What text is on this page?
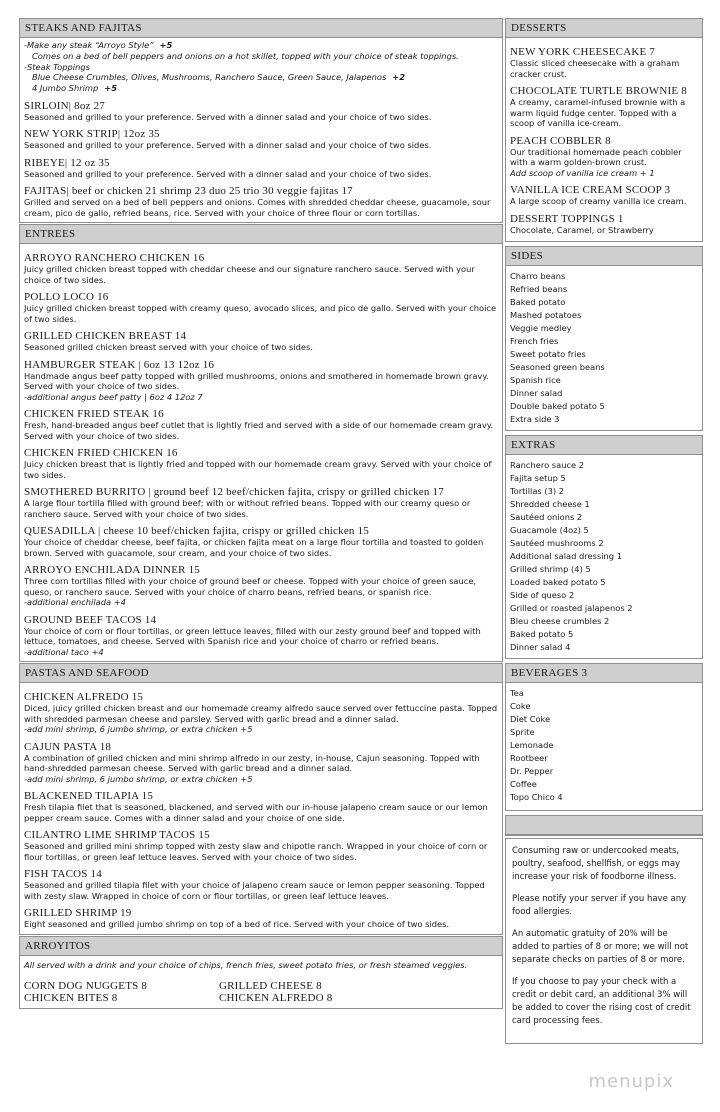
STEAKS AND FAJITAS
-Make any steak “Arroyo Style” +5
Comes on a bed of bell peppers and onions on a hot skillet, topped with your choice of steak toppings.
-Steak Toppings
Blue Cheese Crumbles, Olives, Mushrooms, Ranchero Sauce, Green Sauce, Jalapenos +2
4 Jumbo Shrimp +5
SIRLOIN| 8oz 27
Seasoned and grilled to your preference. Served with a dinner salad and your choice of two sides.
NEW YORK STRIP| 12oz 35
Seasoned and grilled to your preference. Served with a dinner salad and your choice of two sides.
RIBEYE| 12 oz 35
Seasoned and grilled to your preference. Served with a dinner salad and your choice of two sides.
FAJITAS| beef or chicken 21 shrimp 23 duo 25 trio 30 veggie fajitas 17
Grilled and served on a bed of bell peppers and onions. Comes with shredded cheddar cheese, guacamole, sour cream, pico de gallo, refried beans, rice. Served with your choice of three flour or corn tortillas.
ENTREES
ARROYO RANCHERO CHICKEN 16
Juicy grilled chicken breast topped with cheddar cheese and our signature ranchero sauce. Served with your choice of two sides.
POLLO LOCO 16
Juicy grilled chicken breast topped with creamy queso, avocado slices, and pico de gallo. Served with your choice of two sides.
GRILLED CHICKEN BREAST 14
Seasoned grilled chicken breast served with your choice of two sides.
HAMBURGER STEAK | 6oz 13 12oz 16
Handmade angus beef patty topped with grilled mushrooms, onions and smothered in homemade brown gravy. Served with your choice of two sides.
-additional angus beef patty | 6oz 4 12oz 7
CHICKEN FRIED STEAK 16
Fresh, hand-breaded angus beef cutlet that is lightly fried and served with a side of our homemade cream gravy. Served with your choice of two sides.
CHICKEN FRIED CHICKEN 16
Juicy chicken breast that is lightly fried and topped with our homemade cream gravy. Served with your choice of two sides.
SMOTHERED BURRITO | ground beef 12 beef/chicken fajita, crispy or grilled chicken 17
A large flour tortilla filled with ground beef; with or without refried beans. Topped with our creamy queso or ranchero sauce. Served with your choice of two sides.
QUESADILLA | cheese 10 beef/chicken fajita, crispy or grilled chicken 15
Your choice of cheddar cheese, beef fajita, or chicken fajita meat on a large flour tortilla and toasted to golden brown. Served with guacamole, sour cream, and your choice of two sides.
ARROYO ENCHILADA DINNER 15
Three corn tortillas filled with your choice of ground beef or cheese. Topped with your choice of green sauce, queso, or ranchero sauce. Served with your choice of charro beans, refried beans, or spanish rice.
-additional enchilada +4
GROUND BEEF TACOS 14
Your choice of corn or flour tortillas, or green lettuce leaves, filled with our zesty ground beef and topped with lettuce, tomatoes, and cheese. Served with Spanish rice and your choice of charro or refried beans.
-additional taco +4
PASTAS AND SEAFOOD
CHICKEN ALFREDO 15
Diced, juicy grilled chicken breast and our homemade creamy alfredo sauce served over fettuccine pasta. Topped with shredded parmesan cheese and parsley. Served with garlic bread and a dinner salad.
-add mini shrimp, 6 jumbo shrimp, or extra chicken +5
CAJUN PASTA 18
A combination of grilled chicken and mini shrimp alfredo in our zesty, in-house, Cajun seasoning. Topped with hand-shredded parmesan cheese. Served with garlic bread and a dinner salad.
-add mini shrimp, 6 jumbo shrimp, or extra chicken +5
BLACKENED TILAPIA 15
Fresh tilapia filet that is seasoned, blackened, and served with our in-house jalapeno cream sauce or our lemon pepper cream sauce. Comes with a dinner salad and your choice of one side.
CILANTRO LIME SHRIMP TACOS 15
Seasoned and grilled mini shrimp topped with zesty slaw and chipotle ranch. Wrapped in your choice of corn or flour tortillas, or green leaf lettuce leaves. Served with your choice of two sides.
FISH TACOS 14
Seasoned and grilled tilapia filet with your choice of jalapeno cream sauce or lemon pepper seasoning. Topped with zesty slaw. Wrapped in choice of corn or flour tortillas, or green leaf lettuce leaves.
GRILLED SHRIMP 19
Eight seasoned and grilled jumbo shrimp on top of a bed of rice. Served with your choice of two sides.
ARROYITOS
All served with a drink and your choice of chips, french fries, sweet potato fries, or fresh steamed veggies.
CORN DOG NUGGETS 8
CHICKEN BITES 8
GRILLED CHEESE 8
CHICKEN ALFREDO 8
DESSERTS
NEW YORK CHEESECAKE 7
Classic sliced cheesecake with a graham cracker crust.
CHOCOLATE TURTLE BROWNIE 8
A creamy, caramel-infused brownie with a warm liquid fudge center. Topped with a scoop of vanilla ice-cream.
PEACH COBBLER 8
Our traditional homemade peach cobbler with a warm golden-brown crust.
Add scoop of vanilla ice cream + 1
VANILLA ICE CREAM SCOOP 3
A large scoop of creamy vanilla ice cream.
DESSERT TOPPINGS 1
Chocolate, Caramel, or Strawberry
SIDES
Charro beans
Refried beans
Baked potato
Mashed potatoes
Veggie medley
French fries
Sweet potato fries
Seasoned green beans
Spanish rice
Dinner salad
Double baked potato 5
Extra side 3
EXTRAS
Ranchero sauce 2
Fajita setup 5
Tortillas (3) 2
Shredded cheese 1
Sautéed onions 2
Guacamole (4oz) 5
Sautéed mushrooms 2
Additional salad dressing 1
Grilled shrimp (4) 5
Loaded baked potato 5
Side of queso 2
Grilled or roasted jalapenos 2
Bleu cheese crumbles 2
Baked potato 5
Dinner salad 4
BEVERAGES 3
Tea
Coke
Diet Coke
Sprite
Lemonade
Rootbeer
Dr. Pepper
Coffee
Topo Chico 4

Consuming raw or undercooked meats, poultry, seafood, shellfish, or eggs may increase your risk of foodborne illness.

Please notify your server if you have any food allergies.

An automatic gratuity of 20% will be added to parties of 8 or more; we will not separate checks on parties of 8 or more.

If you choose to pay your check with a credit or debit card, an additional 3% will be added to cover the rising cost of credit card processing fees.

menupix
